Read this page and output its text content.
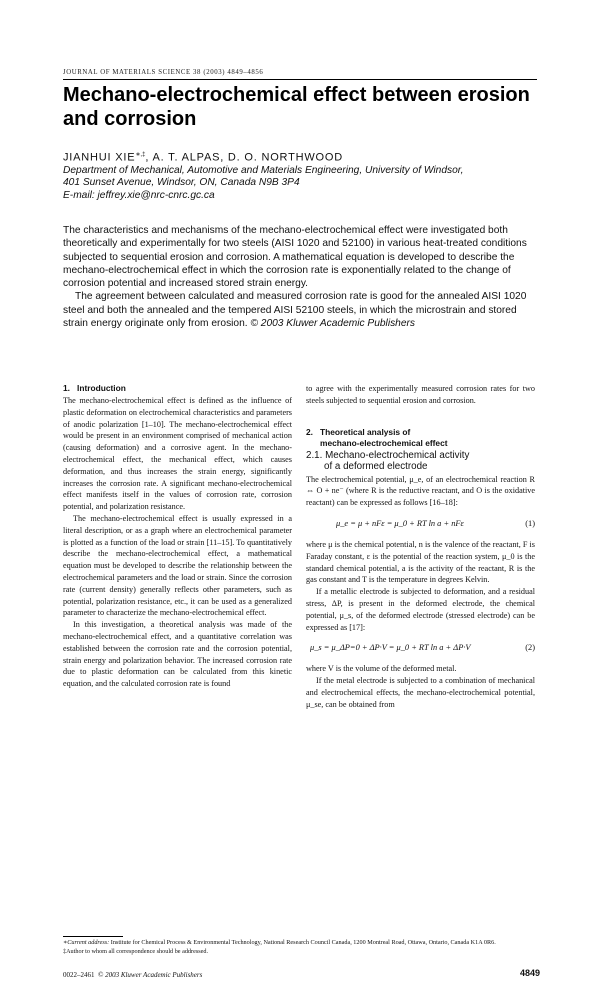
JOURNAL OF MATERIALS SCIENCE 38 (2003) 4849–4856
Mechano-electrochemical effect between erosion and corrosion
JIANHUI XIE∗,‡, A. T. ALPAS, D. O. NORTHWOOD
Department of Mechanical, Automotive and Materials Engineering, University of Windsor,
401 Sunset Avenue, Windsor, ON, Canada N9B 3P4
E-mail: jeffrey.xie@nrc-cnrc.gc.ca

The characteristics and mechanisms of the mechano-electrochemical effect were investigated both theoretically and experimentally for two steels (AISI 1020 and 52100) in various heat-treated conditions subjected to sequential erosion and corrosion. A mathematical equation is developed to describe the mechano-electrochemical effect in which the corrosion rate is exponentially related to the change of corrosion potential and increased stored strain energy.

The agreement between calculated and measured corrosion rate is good for the annealed AISI 1020 steel and both the annealed and the tempered AISI 52100 steels, in which the microstrain and stored strain energy originate only from erosion. © 2003 Kluwer Academic Publishers

1. Introduction

The mechano-electrochemical effect is defined as the influence of plastic deformation on electrochemical characteristics and parameters of anodic polarization [1–10]. The mechano-electrochemical effect would be present in an environment comprised of mechanical action (causing deformation) and a corrosive agent. In the mechano-electrochemical effect, the mechanical effect, which causes deformation, and thus increases the strain energy, significantly increases the corrosion rate. A significant mechano-electrochemical effect manifests itself in the values of corrosion rate, corrosion potential, and polarization resistance.

The mechano-electrochemical effect is usually expressed in a literal description, or as a graph where an electrochemical parameter is plotted as a function of the load or strain [11–15]. To quantitatively describe the mechano-electrochemical effect, a mathematical equation must be developed to describe the relationship between the electrochemical parameters and the load or strain. Since the corrosion rate (current density) generally reflects other parameters, such as potential, polarization resistance, etc., it can be used as a generalized parameter to characterize the mechano-electrochemical effect.

In this investigation, a theoretical analysis was made of the mechano-electrochemical effect, and a quantitative correlation was established between the corrosion rate and the corrosion potential, strain energy and polarization behavior. The increased corrosion rate due to plastic deformation can be calculated from this kinetic equation, and the calculated corrosion rate is found

to agree with the experimentally measured corrosion rates for two steels subjected to sequential erosion and corrosion.

2. Theoretical analysis of
mechano-electrochemical effect
2.1. Mechano-electrochemical activity
of a deformed electrode

The electrochemical potential, μ_e, of an electrochemical reaction R ⇔ O + ne⁻ (where R is the reductive reactant, and O is the oxidative reactant) can be expressed as follows [16–18]:

μ_e = μ + nFε = μ_0 + RT ln a + nFε	(1)

where μ is the chemical potential, n is the valence of the reactant, F is Faraday constant, ε is the potential of the reaction system, μ_0 is the standard chemical potential, a is the activity of the reactant, R is the gas constant and T is the temperature in degrees Kelvin.

If a metallic electrode is subjected to deformation, and a residual stress, ΔP, is present in the deformed electrode, the chemical potential, μ_s, of the deformed electrode (stressed electrode) can be expressed as [17]:

μ_s = μ_ΔP=0 + ΔP·V = μ_0 + RT ln a + ΔP·V	(2)

where V is the volume of the deformed metal.

If the metal electrode is subjected to a combination of mechanical and electrochemical effects, the mechano-electrochemical potential, μ_se, can be obtained from

∗Current address: Institute for Chemical Process & Environmental Technology, National Research Council Canada, 1200 Montreal Road, Ottawa, Ontario, Canada K1A 0R6.

‡Author to whom all correspondence should be addressed.

0022–2461 © 2003 Kluwer Academic Publishers	4849
